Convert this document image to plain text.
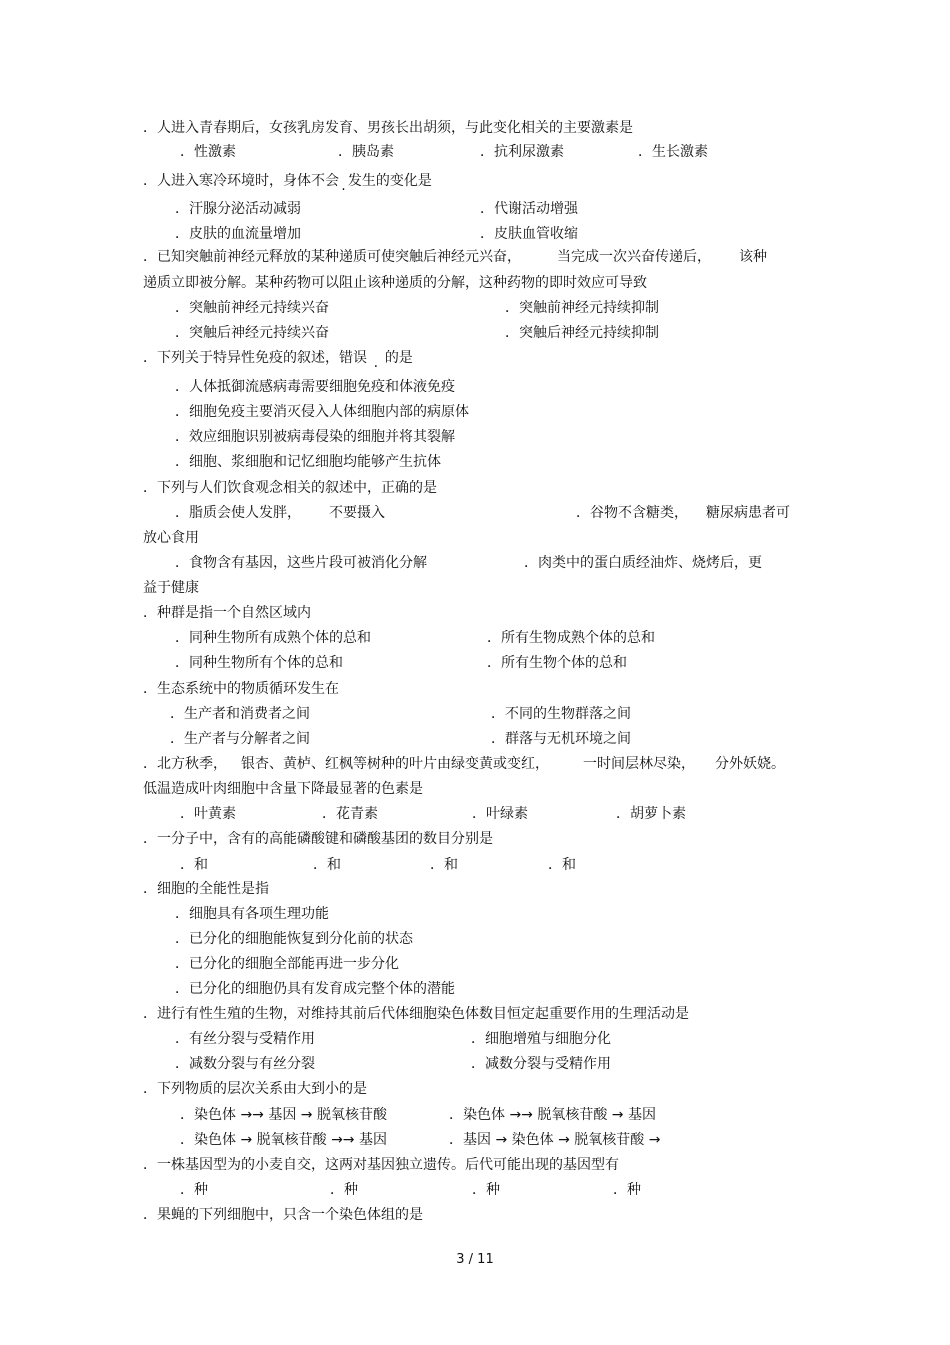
．人进入青春期后，女孩乳房发育、男孩长出胡须，与此变化相关的主要激素是
．性激素	．胰岛素	．抗利尿激素	．生长激素
．人进入寒冷环境时，身体不会 · 发生的变化是
．汗腺分泌活动减弱	．代谢活动增强
．皮肤的血流量增加	．皮肤血管收缩
．已知突触前神经元释放的某种递质可使突触后神经元兴奋，	当完成一次兴奋传递后， 该种
递质立即被分解。某种药物可以阻止该种递质的分解，这种药物的即时效应可导致
．突触前神经元持续兴奋	．突触前神经元持续抑制
．突触后神经元持续兴奋	．突触后神经元持续抑制
．下列关于特异性免疫的叙述，错误 · 的是
．人体抵御流感病毒需要细胞免疫和体液免疫
．细胞免疫主要消灭侵入人体细胞内部的病原体
．效应细胞识别被病毒侵染的细胞并将其裂解
．细胞、浆细胞和记忆细胞均能够产生抗体
．下列与人们饮食观念相关的叙述中，正确的是
．脂质会使人发胖， 不要摄入	．谷物不含糖类， 糖尿病患者可
放心食用
．食物含有基因，这些片段可被消化分解	．肉类中的蛋白质经油炸、烧烤后，更
益于健康
．种群是指一个自然区域内
．同种生物所有成熟个体的总和	．所有生物成熟个体的总和
．同种生物所有个体的总和	．所有生物个体的总和
．生态系统中的物质循环发生在
．生产者和消费者之间	．不同的生物群落之间
．生产者与分解者之间	．群落与无机环境之间
．北方秋季， 银杏、黄栌、红枫等树种的叶片由绿变黄或变红， 一时间层林尽染， 分外妖娆。
低温造成叶肉细胞中含量下降最显著的色素是
．叶黄素	．花青素	．叶绿素	．胡萝卜素
．一分子中，含有的高能磷酸键和磷酸基团的数目分别是
．和	．和	．和	．和
．细胞的全能性是指
．细胞具有各项生理功能
．已分化的细胞能恢复到分化前的状态
．已分化的细胞全部能再进一步分化
．已分化的细胞仍具有发育成完整个体的潜能
．进行有性生殖的生物，对维持其前后代体细胞染色体数目恒定起重要作用的生理活动是
．有丝分裂与受精作用	．细胞增殖与细胞分化
．减数分裂与有丝分裂	．减数分裂与受精作用
．下列物质的层次关系由大到小的是
．染色体 →→ 基因 → 脱氧核苷酸	．染色体 →→ 脱氧核苷酸 → 基因
．染色体 → 脱氧核苷酸 →→ 基因	．基因 → 染色体 → 脱氧核苷酸 →
．一株基因型为的小麦自交，这两对基因独立遗传。后代可能出现的基因型有
．种	．种	．种	．种
．果蝇的下列细胞中，只含一个染色体组的是
3 / 11
